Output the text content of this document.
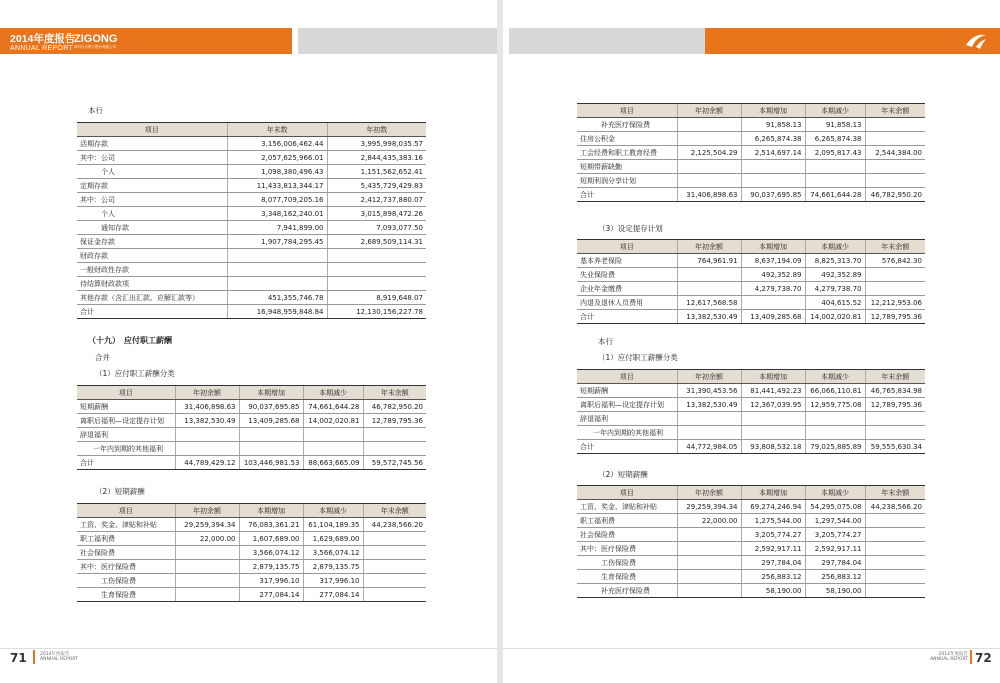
2014年度报告
ANNUAL REPORT
ZIGONG
四川自贡银行股份有限公司
本行
项目	年末数	年初数
活期存款	3,156,006,462.44	3,995,998,035.57
其中：公司	2,057,625,966.01	2,844,435,383.16
个人	1,098,380,496.43	1,151,562,652.41
定期存款	11,433,813,344.17	5,435,729,429.83
其中：公司	8,077,709,205.16	2,412,737,880.07
个人	3,348,162,240.01	3,015,898,472.26
通知存款	7,941,899.00	7,093,077.50
保证金存款	1,907,784,295.45	2,689,509,114.31
财政存款		
一般财政性存款		
待结算财政款项		
其他存款（含汇出汇款、应解汇款等）	451,355,746.78	8,919,648.07
合计	16,948,959,848.84	12,130,156,227.78
（十九）　应付职工薪酬
合并
（1）应付职工薪酬分类
项目	年初余额	本期增加	本期减少	年末余额
短期薪酬	31,406,898.63	90,037,695.85	74,661,644.28	46,782,950.20
离职后福利—设定提存计划	13,382,530.49	13,409,285.68	14,002,020.81	12,789,795.36
辞退福利				
一年内到期的其他福利				
合计	44,789,429.12	103,446,981.53	88,663,665.09	59,572,745.56
（2）短期薪酬
项目	年初余额	本期增加	本期减少	年末余额
工资、奖金、津贴和补贴	29,259,394.34	76,083,361.21	61,104,189.35	44,238,566.20
职工福利费	22,000.00	1,607,689.00	1,629,689.00	
社会保险费		3,566,074.12	3,566,074.12	
其中：医疗保险费		2,879,135.75	2,879,135.75	
工伤保险费		317,996.10	317,996.10	
生育保险费		277,084.14	277,084.14	
71	2014年度报告
ANNUAL REPORT
项目	年初余额	本期增加	本期减少	年末余额
补充医疗保险费		91,858.13	91,858.13	
住房公积金		6,265,874.38	6,265,874.38	
工会经费和职工教育经费	2,125,504.29	2,514,697.14	2,095,817.43	2,544,384.00
短期带薪缺勤				
短期利润分享计划				
合计	31,406,898.63	90,037,695.85	74,661,644.28	46,782,950.20
（3）设定提存计划
项目	年初余额	本期增加	本期减少	年末余额
基本养老保险	764,961.91	8,637,194.09	8,825,313.70	576,842.30
失业保险费		492,352.89	492,352.89	
企业年金缴费		4,279,738.70	4,279,738.70	
内退及退休人员费用	12,617,568.58		404,615.52	12,212,953.06
合计	13,382,530.49	13,409,285.68	14,002,020.81	12,789,795.36
本行
（1）应付职工薪酬分类
项目	年初余额	本期增加	本期减少	年末余额
短期薪酬	31,390,453.56	81,441,492.23	66,066,110.81	46,765,834.98
离职后福利—设定提存计划	13,382,530.49	12,367,039.95	12,959,775.08	12,789,795.36
辞退福利				
一年内到期的其他福利				
合计	44,772,984.05	93,808,532.18	79,025,885.89	59,555,630.34
（2）短期薪酬
项目	年初余额	本期增加	本期减少	年末余额
工资、奖金、津贴和补贴	29,259,394.34	69,274,246.94	54,295,075.08	44,238,566.20
职工福利费	22,000.00	1,275,544.00	1,297,544.00	
社会保险费		3,205,774.27	3,205,774.27	
其中：医疗保险费		2,592,917.11	2,592,917.11	
工伤保险费		297,784.04	297,784.04	
生育保险费		256,883.12	256,883.12	
补充医疗保险费		58,190.00	58,190.00	
2014年度报告
ANNUAL REPORT 72
